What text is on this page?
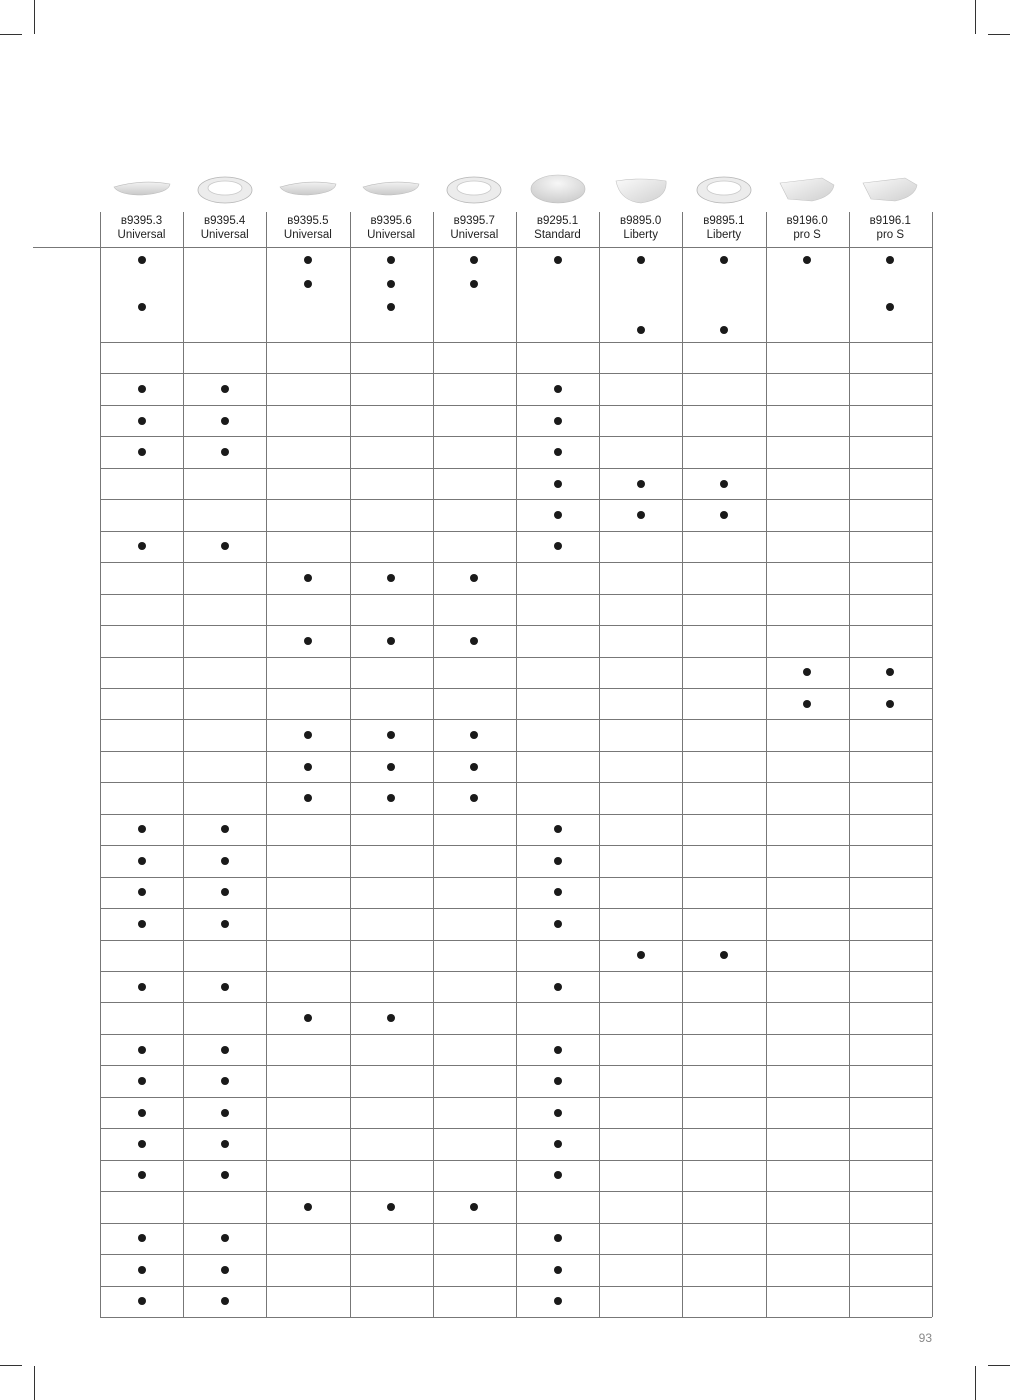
в9395.3
Universal
в9395.4
Universal
в9395.5
Universal
в9395.6
Universal
в9395.7
Universal
в9295.1
Standard
в9895.0
Liberty
в9895.1
Liberty
в9196.0
pro S
в9196.1
pro S
93
